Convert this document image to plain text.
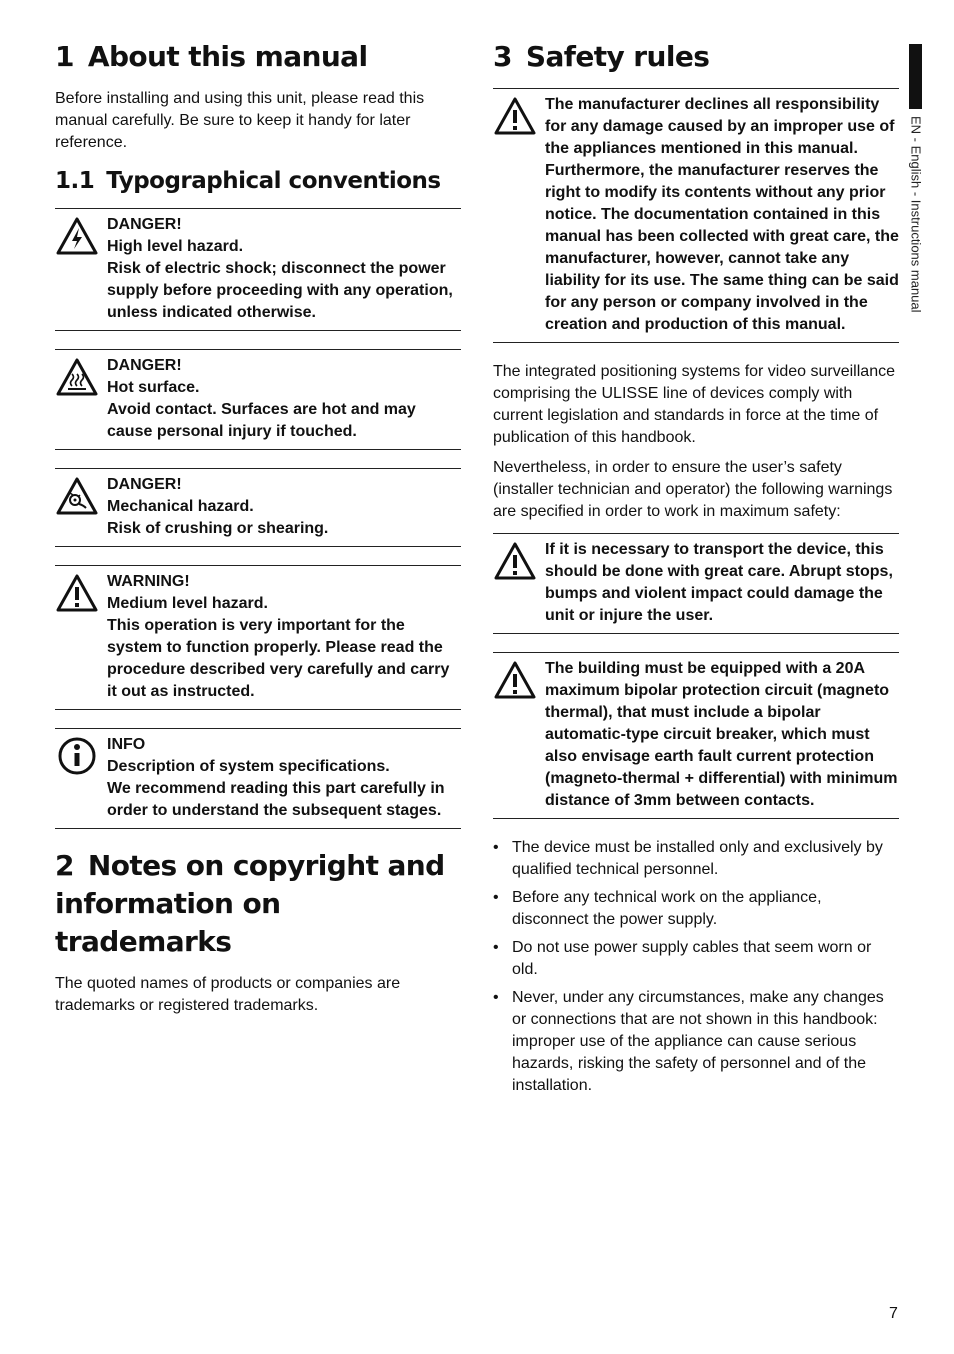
1 About this manual

Before installing and using this unit, please read this manual carefully. Be sure to keep it handy for later reference.

1.1 Typographical conventions
DANGER!
High level hazard.
Risk of electric shock; disconnect the power supply before proceeding with any operation, unless indicated otherwise.
DANGER!
Hot surface.
Avoid contact. Surfaces are hot and may cause personal injury if touched.
DANGER!
Mechanical hazard.
Risk of crushing or shearing.
WARNING!
Medium level hazard.
This operation is very important for the system to function properly. Please read the procedure described very carefully and carry it out as instructed.
INFO
Description of system specifications.
We recommend reading this part carefully in order to understand the subsequent stages.
2 Notes on copyright and information on trademarks

The quoted names of products or companies are trademarks or registered trademarks.

3 Safety rules
The manufacturer declines all responsibility for any damage caused by an improper use of the appliances mentioned in this manual. Furthermore, the manufacturer reserves the right to modify its contents without any prior notice. The documentation contained in this manual has been collected with great care, the manufacturer, however, cannot take any liability for its use. The same thing can be said for any person or company involved in the creation and production of this manual.

The integrated positioning systems for video surveillance comprising the ULISSE line of devices comply with current legislation and standards in force at the time of publication of this handbook.

Nevertheless, in order to ensure the user’s safety (installer technician and operator) the following warnings are specified in order to work in maximum safety:

If it is necessary to transport the device, this should be done with great care. Abrupt stops, bumps and violent impact could damage the unit or injure the user.
The building must be equipped with a 20A maximum bipolar protection circuit (magneto thermal), that must include a bipolar automatic-type circuit breaker, which must also envisage earth fault current protection (magneto-thermal + differential) with minimum distance of 3mm between contacts.
• The device must be installed only and exclusively by qualified technical personnel.
• Before any technical work on the appliance, disconnect the power supply.
• Do not use power supply cables that seem worn or old.
• Never, under any circumstances, make any changes or connections that are not shown in this handbook: improper use of the appliance can cause serious hazards, risking the safety of personnel and of the installation.
EN - English - Instructions manual
7
